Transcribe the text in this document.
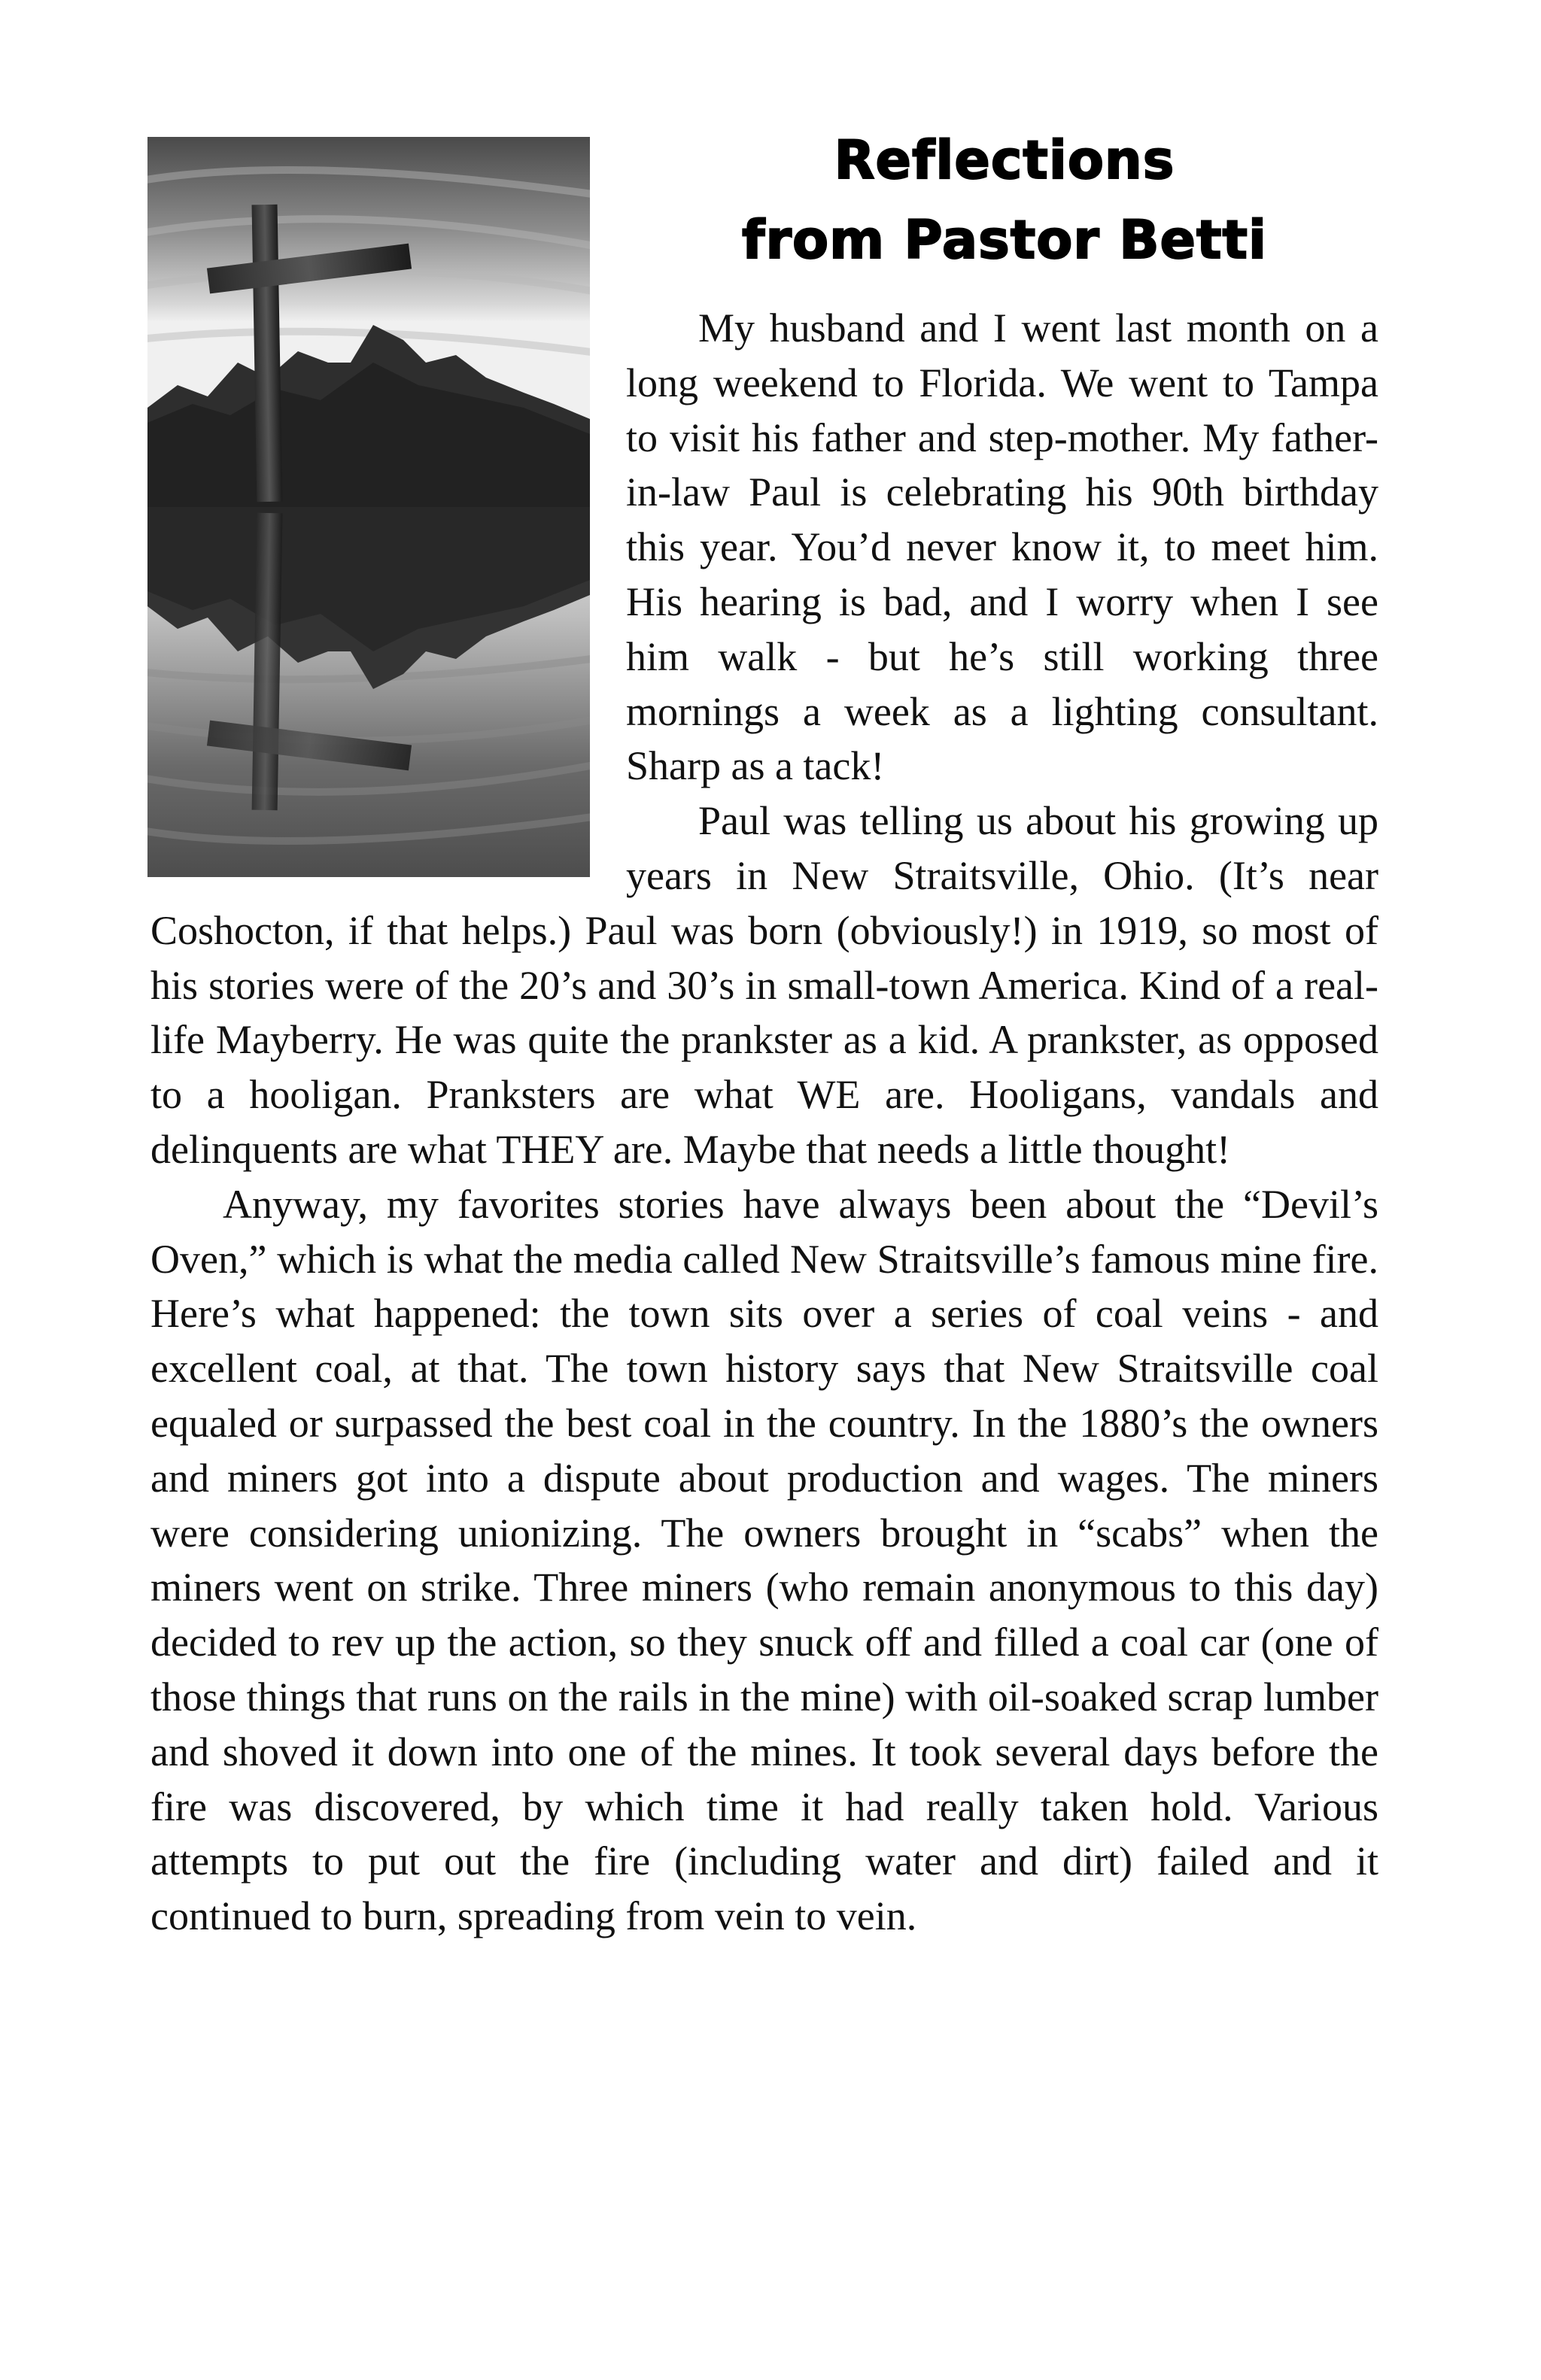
Reflections
from Pastor Betti

My husband and I went last month on a long weekend to Florida. We went to Tampa to visit his father and step-mother. My father-in-law Paul is celebrating his 90th birthday this year. You’d never know it, to meet him. His hearing is bad, and I worry when I see him walk - but he’s still working three mornings a week as a lighting consultant. Sharp as a tack!

Paul was telling us about his growing up years in New Straitsville, Ohio. (It’s near Coshocton, if that helps.) Paul was born (obviously!) in 1919, so most of his stories were of the 20’s and 30’s in small-town America. Kind of a real-life Mayberry. He was quite the prankster as a kid. A prankster, as opposed to a hooligan. Pranksters are what WE are. Hooligans, vandals and delinquents are what THEY are. Maybe that needs a little thought!

Anyway, my favorites stories have always been about the “Devil’s Oven,” which is what the media called New Straitsville’s famous mine fire. Here’s what happened: the town sits over a series of coal veins - and excellent coal, at that. The town history says that New Straitsville coal equaled or surpassed the best coal in the country. In the 1880’s the owners and miners got into a dispute about production and wages. The miners were considering unionizing. The owners brought in “scabs” when the miners went on strike. Three miners (who remain anonymous to this day) decided to rev up the action, so they snuck off and filled a coal car (one of those things that runs on the rails in the mine) with oil-soaked scrap lumber and shoved it down into one of the mines. It took several days before the fire was discovered, by which time it had really taken hold. Various attempts to put out the fire (including water and dirt) failed and it continued to burn, spreading from vein to vein.
